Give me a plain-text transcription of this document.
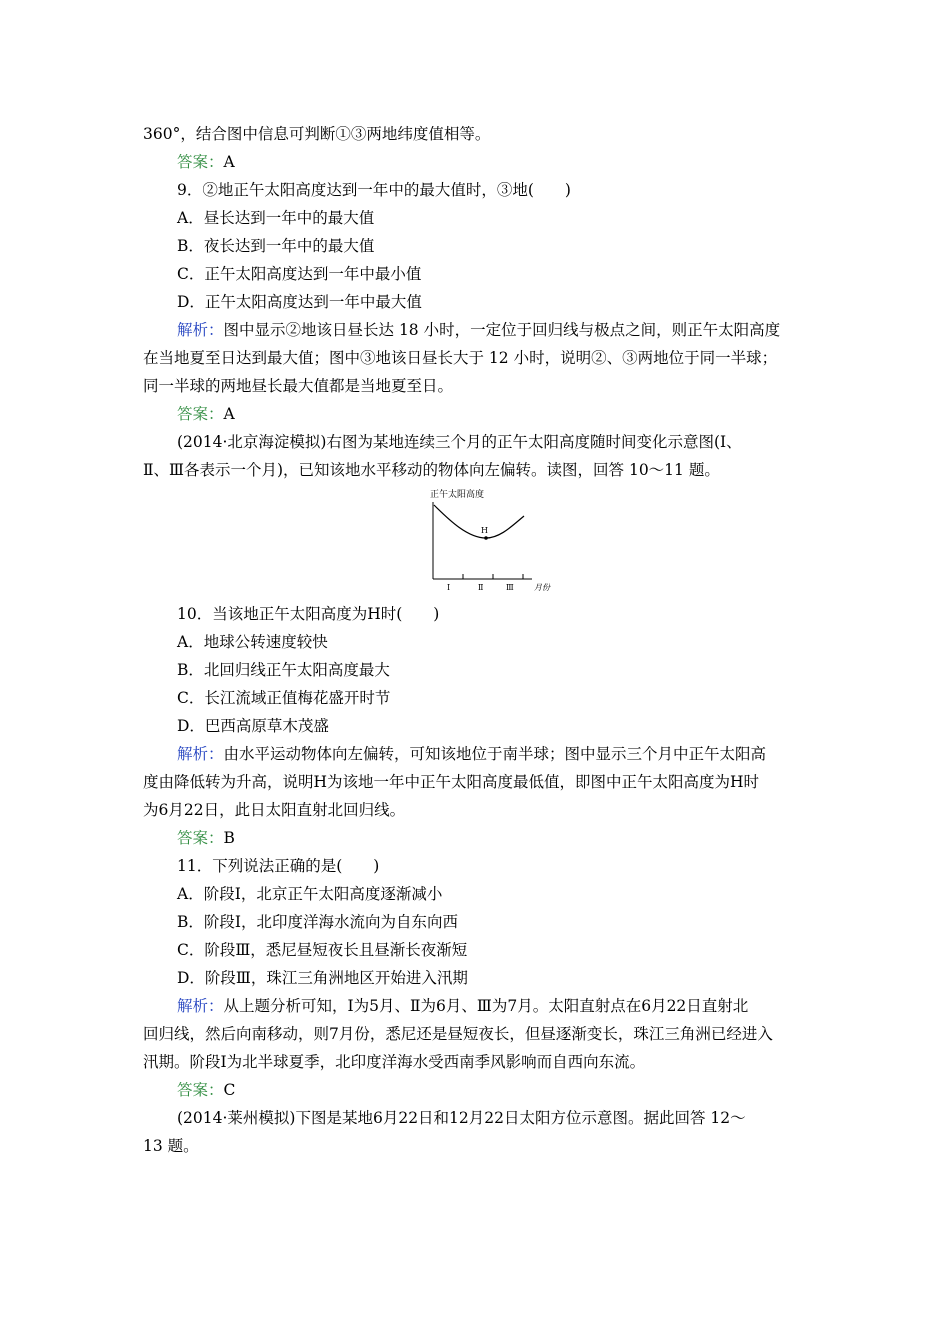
360°，结合图中信息可判断①③两地纬度值相等。
答案：A
9．②地正午太阳高度达到一年中的最大值时，③地(　　)
A．昼长达到一年中的最大值
B．夜长达到一年中的最大值
C．正午太阳高度达到一年中最小值
D．正午太阳高度达到一年中最大值
解析：图中显示②地该日昼长达 18 小时，一定位于回归线与极点之间，则正午太阳高度
在当地夏至日达到最大值；图中③地该日昼长大于 12 小时，说明②、③两地位于同一半球；
同一半球的两地昼长最大值都是当地夏至日。
答案：A
(2014·北京海淀模拟)右图为某地连续三个月的正午太阳高度随时间变化示意图(Ⅰ、
Ⅱ、Ⅲ各表示一个月)，已知该地水平移动的物体向左偏转。读图，回答 10～11 题。
正午太阳高度
H
Ⅰ	Ⅱ	Ⅲ	月份
10．当该地正午太阳高度为H时(　　)
A．地球公转速度较快
B．北回归线正午太阳高度最大
C．长江流域正值梅花盛开时节
D．巴西高原草木茂盛
解析：由水平运动物体向左偏转，可知该地位于南半球；图中显示三个月中正午太阳高
度由降低转为升高，说明H为该地一年中正午太阳高度最低值，即图中正午太阳高度为H时
为6月22日，此日太阳直射北回归线。
答案：B
11．下列说法正确的是(　　)
A．阶段Ⅰ，北京正午太阳高度逐渐减小
B．阶段Ⅰ，北印度洋海水流向为自东向西
C．阶段Ⅲ，悉尼昼短夜长且昼渐长夜渐短
D．阶段Ⅲ，珠江三角洲地区开始进入汛期
解析：从上题分析可知，Ⅰ为5月、Ⅱ为6月、Ⅲ为7月。太阳直射点在6月22日直射北
回归线，然后向南移动，则7月份，悉尼还是昼短夜长，但昼逐渐变长，珠江三角洲已经进入
汛期。阶段Ⅰ为北半球夏季，北印度洋海水受西南季风影响而自西向东流。
答案：C
(2014·莱州模拟)下图是某地6月22日和12月22日太阳方位示意图。据此回答 12～
13 题。
